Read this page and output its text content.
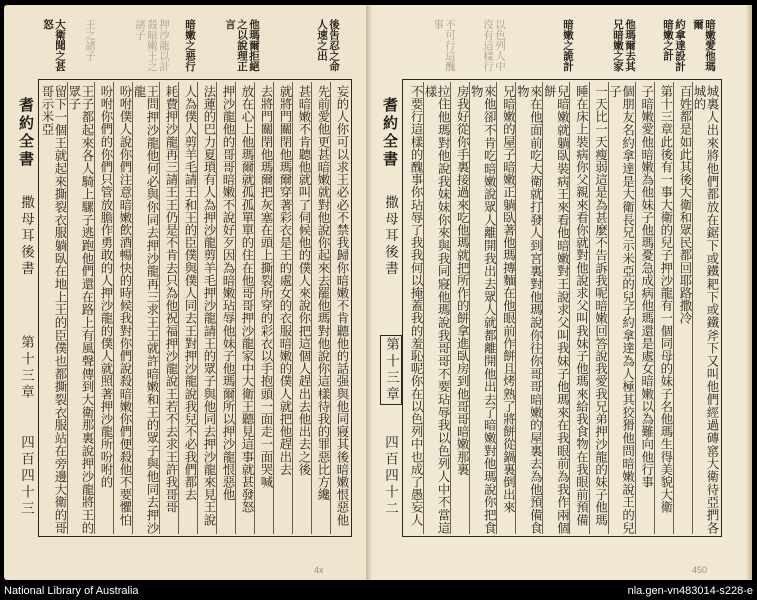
後吿忍之命人速之出
他瑪爾拒絕之以說理正言
暗嫩之惡行
大衛聞之甚怒	押沙龍以計殺暗嫩王之諸子
王之諸子
耆約全書
撒母耳後書
第十三章
四百四十三	妄的人你可以求王必必不禁我歸你暗嫩不肯聽他的話强與他同寢其後暗嫩恨惡他
先前愛他更甚暗嫩就對他說你起來去罷他瑪對他說你這樣待我的罪惡比方纔
甚暗嫩不肯聽他就叫了伺候他的僕人來說你把這個人趕出去他出去之後
就將門關閉他瑪爾穿著彩衣是王的處女的衣服暗嫩的僕人就把他趕出去
去將門關閉他瑪爾把灰塞在頭上撕裂所穿的彩衣以手抱頭一面走一面哭喊
放在心上他瑪爾就孤孤單單的住在他哥哥押沙龍家中大衛王聽見這事就甚發怒
押沙龍他的哥哥暗嫩不說好歹因為暗嫩玷辱他妹子他瑪爾所以押沙龍恨惡他
法蓮的巴力夏瑣有人為押沙龍剪羊毛押沙龍請王的眾子與他同去押沙龍來見王說
人為僕人剪羊毛請王和王的臣僕與僕人同去王對押沙龍說我兒不必我們都去
耗費押沙龍再三請王王仍是不肯去只為他祝福押沙龍說王若不去求王許我哥哥
王問押沙龍他何必與你同去押沙龍再三求王王就許暗嫩和王的眾子與他同去押沙龍
吩咐僕人說你們注意暗嫩飲酒暢快的時候我對你們說殺暗嫩你們便殺他不要懼怕
吩咐你們的你們只管放膽作勇敢的人押沙龍的僕人就照著押沙龍所吩咐的
王子都起來各人騎上騾子逃跑他們還在路上有風聲傳到大衛那裏說押沙龍將王的眾子
留下一個王就起來撕裂衣服躺臥在地上王的臣僕也都撕裂衣服站在旁邊大衛的哥哥示米亞
4x
暗嫩愛他瑪爾
約拿達設計暗嫩之計
他瑪爾去其兄暗嫩之家
暗嫩之詭計
以色列人中沒有這樣行
不可行這醜事
耆約全書
撒母耳後書
第十三章
四百四十二	城裏人出來將他們都放在鋸下或鐵耙下或鐵斧下又叫他們經過磚窰大衛待亞捫各城的
百姓都是如此其後大衛和眾民都回耶路撒冷
第十三章此後有一事大衛的兒子押沙龍有一個同母的妹子名他瑪生得美貌大衛
子暗嫩愛他暗嫩為他妹子他瑪憂急成病他瑪還是處女暗嫩以為難向他行事
個朋友名約拿達是大衛長兄示米亞的兒子約拿達為人極其狡猾他問暗嫩說王的兒子
一天比一天瘦弱這是為甚麼不告訴我呢暗嫩回答說我愛我兄弟押沙龍的妹子他瑪
睡在床上裝病你父親來看你就對他說求父叫我妹子他瑪來給我食物在我眼前預備
兒暗嫩就躺臥裝病王來看他暗嫩對王說求父叫我妹子他瑪來在我眼前為我作兩個餅
來在他面前吃大衛就打發人到宮裏對他瑪說你往你哥哥暗嫩的屋裏去為他預備食物
兄暗嫩的屋子暗嫩正躺臥著他瑪摶麵在他眼前作餅且烤熟了將餅從鍋裏倒出來
來他卻不肯吃暗嫩說眾人離開我出去眾人就都離開他出去了暗嫩對他瑪說你把食物
房我好從你手裏接過來吃他瑪就把所作的餅拿進臥房到他哥哥暗嫩那裏
拉住他瑪對他說我妹妹你來與我同寢他瑪說我哥哥不要玷辱我以色列人中不當這樣
不要行這樣的醜事你玷辱了我我何以掩蓋我的羞恥呢你在以色列中也成了愚妄人
450
National Library of Australia	nla.gen-vn483014-s228-e
